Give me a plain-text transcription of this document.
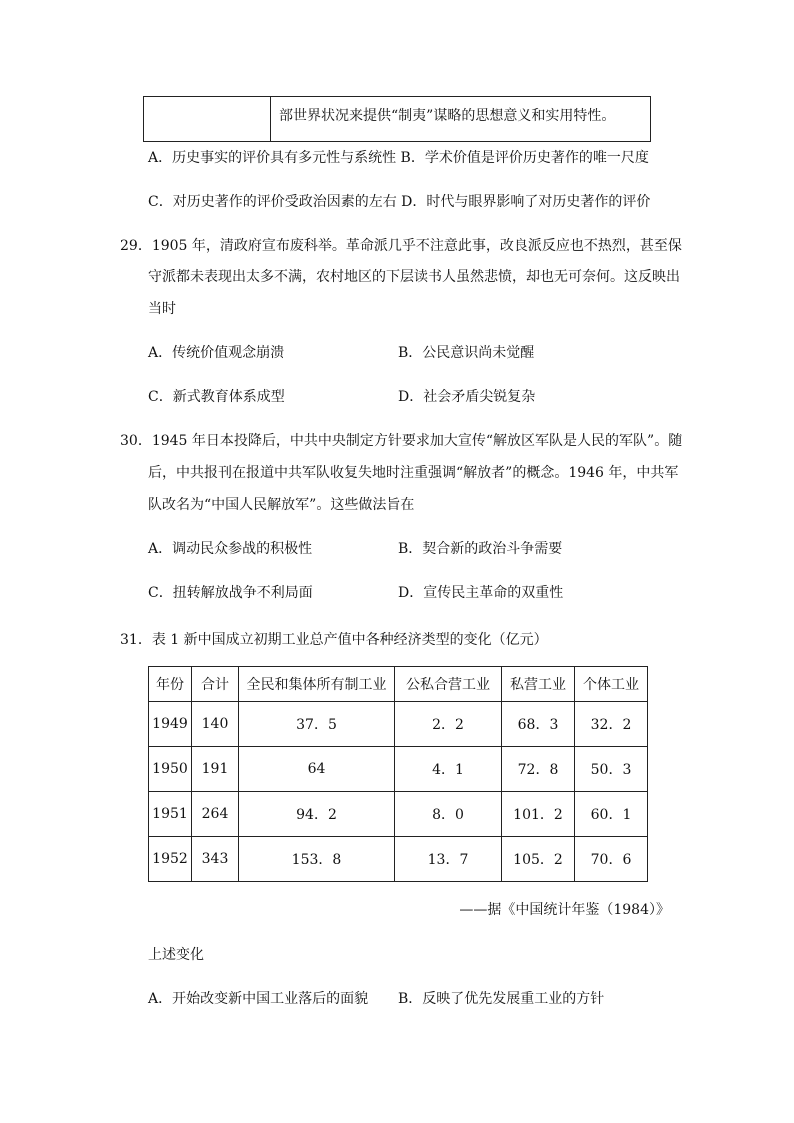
	部世界状况来提供“制夷”谋略的思想意义和实用特性。
A．历史事实的评价具有多元性与系统性 B．学术价值是评价历史著作的唯一尺度
C．对历史著作的评价受政治因素的左右 D．时代与眼界影响了对历史著作的评价
29．1905 年，清政府宣布废科举。革命派几乎不注意此事，改良派反应也不热烈，甚至保
守派都未表现出太多不满，农村地区的下层读书人虽然悲愤，却也无可奈何。这反映出
当时
A．传统价值观念崩溃	B．公民意识尚未觉醒
C．新式教育体系成型	D．社会矛盾尖锐复杂
30．1945 年日本投降后，中共中央制定方针要求加大宣传“解放区军队是人民的军队”。随
后，中共报刊在报道中共军队收复失地时注重强调“解放者”的概念。1946 年，中共军
队改名为“中国人民解放军”。这些做法旨在
A．调动民众参战的积极性	B．契合新的政治斗争需要
C．扭转解放战争不利局面	D．宣传民主革命的双重性
31．表 1 新中国成立初期工业总产值中各种经济类型的变化（亿元）
年份	合计	全民和集体所有制工业	公私合营工业	私营工业	个体工业
1949	140	37．5	2．2	68．3	32．2
1950	191	64	4．1	72．8	50．3
1951	264	94．2	8．0	101．2	60．1
1952	343	153．8	13．7	105．2	70．6
——据《中国统计年鉴（1984）》
上述变化
A．开始改变新中国工业落后的面貌 B．反映了优先发展重工业的方针
